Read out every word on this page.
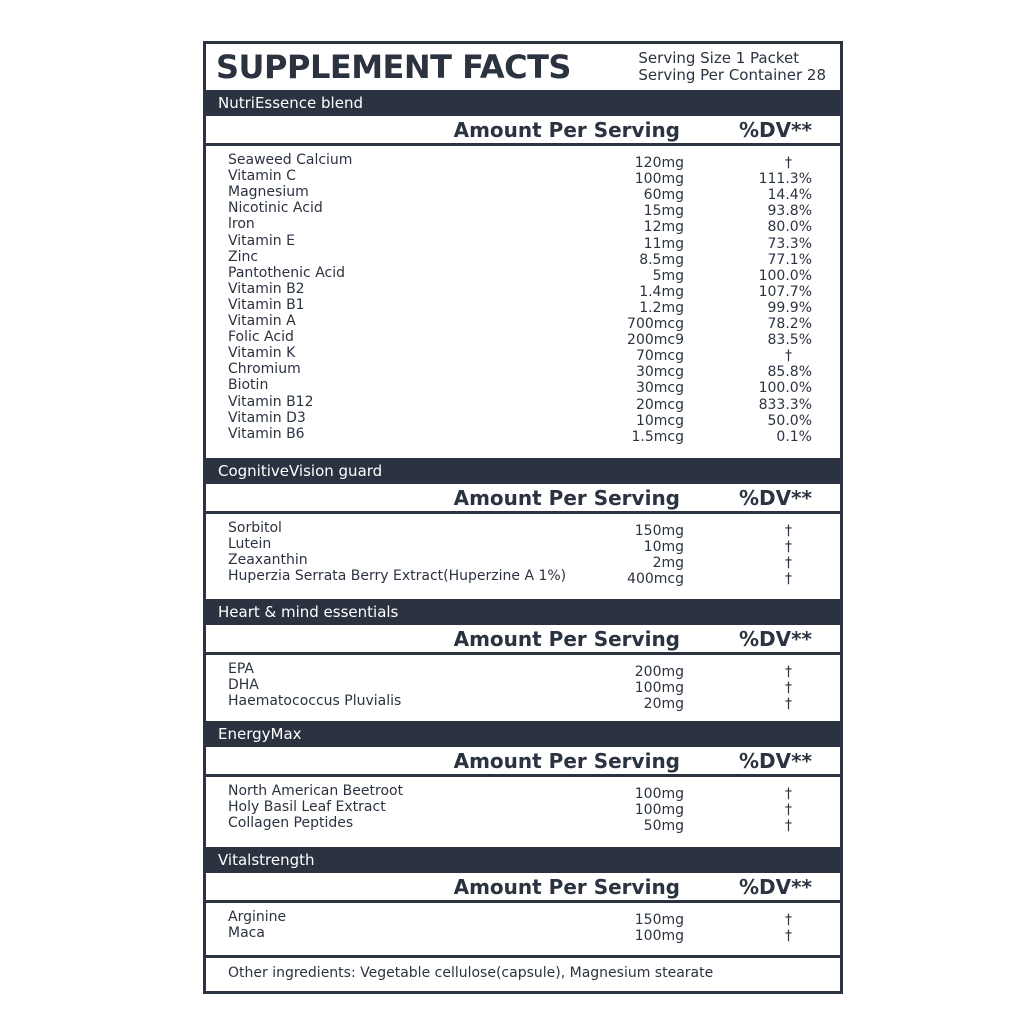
SUPPLEMENT FACTS	Serving Size 1 Packet
Serving Per Container 28
NutriEssence blend
Amount Per Serving	%DV**
Seaweed Calcium	120mg	†
Vitamin C	100mg	111.3%
Magnesium	60mg	14.4%
Nicotinic Acid	15mg	93.8%
lron	12mg	80.0%
Vitamin E	11mg	73.3%
Zinc	8.5mg	77.1%
Pantothenic Acid	5mg	100.0%
Vitamin B2	1.4mg	107.7%
Vitamin B1	1.2mg	99.9%
Vitamin A	700mcg	78.2%
Folic Acid	200mc9	83.5%
Vitamin K	70mcg	†
Chromium	30mcg	85.8%
Biotin	30mcg	100.0%
Vitamin B12	20mcg	833.3%
Vitamin D3	10mcg	50.0%
Vitamin B6	1.5mcg	0.1%
CognitiveVision guard
Amount Per Serving	%DV**
Sorbitol	150mg	†
Lutein	10mg	†
Zeaxanthin	2mg	†
Huperzia Serrata Berry Extract(Huperzine A 1%)	400mcg	†
Heart & mind essentials
Amount Per Serving	%DV**
EPA	200mg	†
DHA	100mg	†
Haematococcus Pluvialis	20mg	†
EnergyMax
Amount Per Serving	%DV**
North American Beetroot	100mg	†
Holy Basil Leaf Extract	100mg	†
Collagen Peptides	50mg	†
Vitalstrength
Amount Per Serving	%DV**
Arginine	150mg	†
Maca	100mg	†
Other ingredients: Vegetable cellulose(capsule), Magnesium stearate
